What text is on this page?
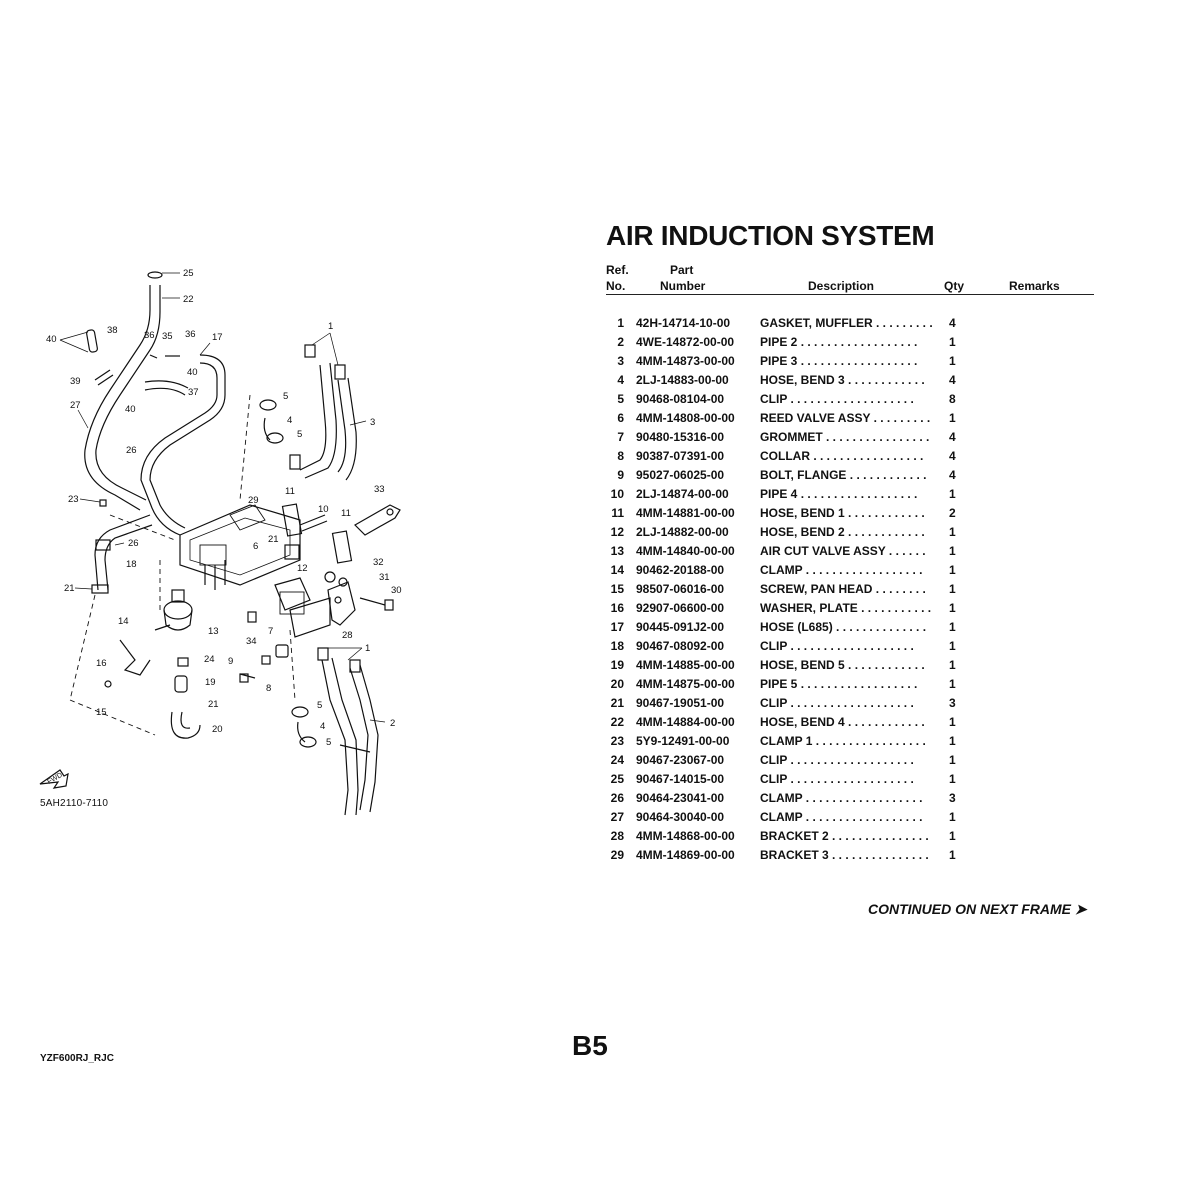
25
22
38
40	36 35 36 17
40
37
39
40
27
26
23
26
18
21
14
13
16
15
24
19
21
20
1
5
4
5
3
29
11
10 11
33
6
21
12
32
31
30
28
1
34
7
9
8
5
4
5
2
FWD
5AH2110-7110
AIR INDUCTION SYSTEM
Ref.
No.
Part
Number	Description	Qty	Remarks
1 42H-14714-10-00 GASKET, MUFFLER . . . . . . . . . 4
2 4WE-14872-00-00 PIPE 2 . . . . . . . . . . . . . . . . . .	1
3 4MM-14873-00-00 PIPE 3 . . . . . . . . . . . . . . . . . .	1
4 2LJ-14883-00-00	HOSE, BEND 3 . . . . . . . . . . . . 4
5 90468-08104-00	CLIP . . . . . . . . . . . . . . . . . . .	8
6 4MM-14808-00-00 REED VALVE ASSY . . . . . . . . . 1
7 90480-15316-00	GROMMET . . . . . . . . . . . . . . . . 4
8 90387-07391-00	COLLAR . . . . . . . . . . . . . . . . . 4
9 95027-06025-00	BOLT, FLANGE . . . . . . . . . . . . 4
10 2LJ-14874-00-00	PIPE 4 . . . . . . . . . . . . . . . . . .	1
11 4MM-14881-00-00 HOSE, BEND 1 . . . . . . . . . . . . 2
12 2LJ-14882-00-00	HOSE, BEND 2 . . . . . . . . . . . . 1
13 4MM-14840-00-00 AIR CUT VALVE ASSY . . . . . . 1
14 90462-20188-00	CLAMP . . . . . . . . . . . . . . . . . . 1
15 98507-06016-00	SCREW, PAN HEAD . . . . . . . . 1
16 92907-06600-00	WASHER, PLATE . . . . . . . . . . . 1
17 90445-091J2-00	HOSE (L685) . . . . . . . . . . . . . . 1
18 90467-08092-00	CLIP . . . . . . . . . . . . . . . . . . .	1
19 4MM-14885-00-00 HOSE, BEND 5 . . . . . . . . . . . . 1
20 4MM-14875-00-00 PIPE 5 . . . . . . . . . . . . . . . . . .	1
21 90467-19051-00	CLIP . . . . . . . . . . . . . . . . . . .	3
22 4MM-14884-00-00 HOSE, BEND 4 . . . . . . . . . . . . 1
23 5Y9-12491-00-00	CLAMP 1 . . . . . . . . . . . . . . . . . 1
24 90467-23067-00	CLIP . . . . . . . . . . . . . . . . . . .	1
25 90467-14015-00	CLIP . . . . . . . . . . . . . . . . . . .	1
26 90464-23041-00	CLAMP . . . . . . . . . . . . . . . . . . 3
27 90464-30040-00	CLAMP . . . . . . . . . . . . . . . . . . 1
28 4MM-14868-00-00 BRACKET 2 . . . . . . . . . . . . . . . 1
29 4MM-14869-00-00 BRACKET 3 . . . . . . . . . . . . . . . 1
CONTINUED ON NEXT FRAME ➤
B5
YZF600RJ_RJC
